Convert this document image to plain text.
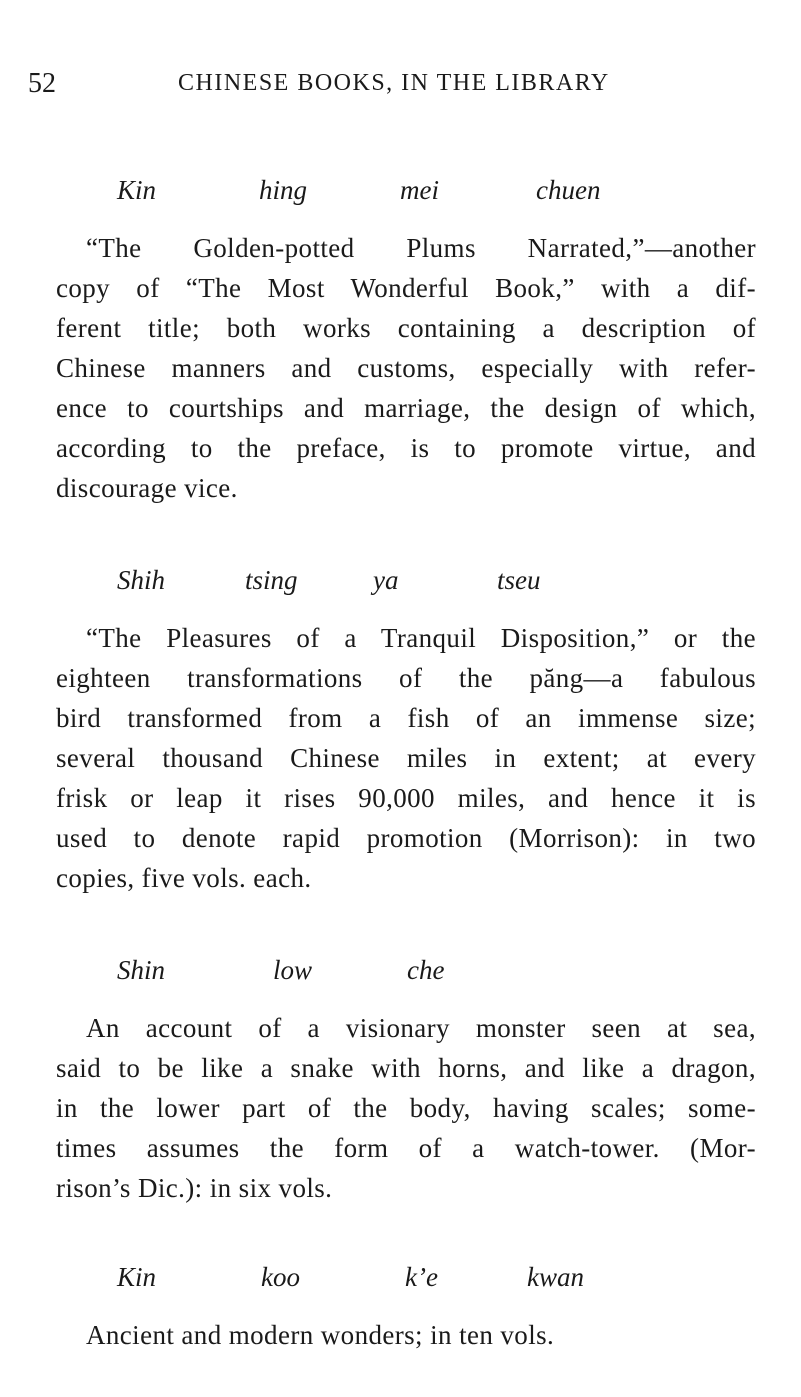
52	CHINESE BOOKS, IN THE LIBRARY
Kin	hing	mei	chuen
“The Golden-potted Plums Narrated,”—another
copy of “The Most Wonderful Book,” with a dif-
ferent title; both works containing a description of
Chinese manners and customs, especially with refer-
ence to courtships and marriage, the design of which,
according to the preface, is to promote virtue, and
discourage vice.
Shih	tsing	ya	tseu
“The Pleasures of a Tranquil Disposition,” or the
eighteen transformations of the păng—a fabulous
bird transformed from a fish of an immense size;
several thousand Chinese miles in extent; at every
frisk or leap it rises 90,000 miles, and hence it is
used to denote rapid promotion (Morrison): in two
copies, five vols. each.
Shin	low	che
An account of a visionary monster seen at sea,
said to be like a snake with horns, and like a dragon,
in the lower part of the body, having scales; some-
times assumes the form of a watch-tower. (Mor-
rison’s Dic.): in six vols.
Kin	koo	k’e	kwan
Ancient and modern wonders; in ten vols.
